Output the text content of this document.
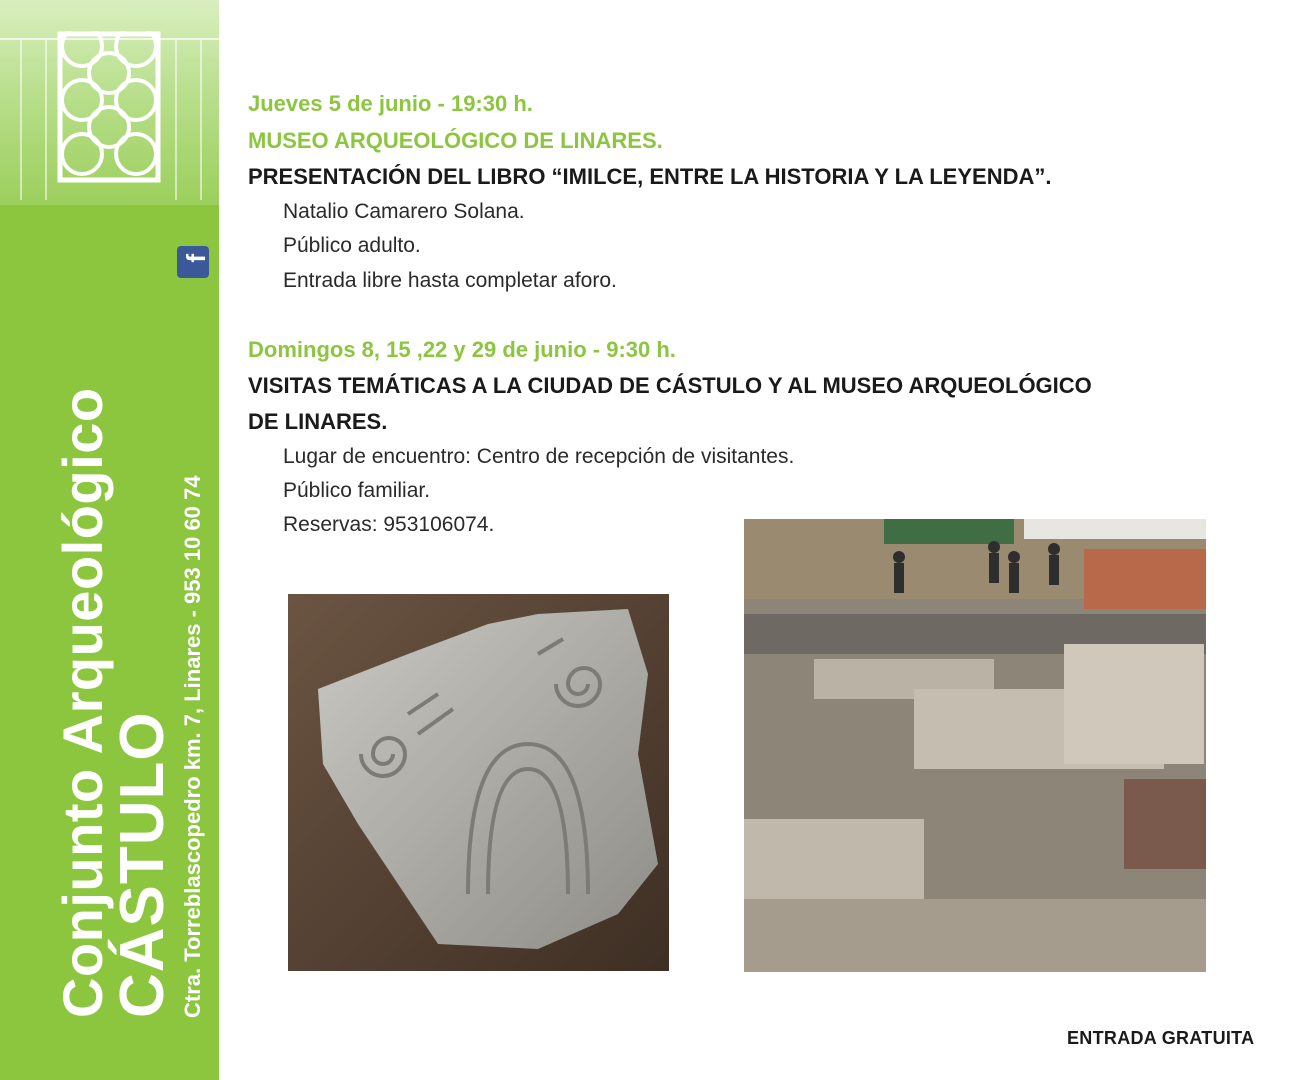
Conjunto Arqueológico
CÁSTULO Ctra. Torreblascopedro km. 7, Linares - 953 10 60 74
f
Jueves 5 de junio - 19:30 h.
MUSEO ARQUEOLÓGICO DE LINARES.
PRESENTACIÓN DEL LIBRO “IMILCE, ENTRE LA HISTORIA Y LA LEYENDA”.
Natalio Camarero Solana.
Público adulto.
Entrada libre hasta completar aforo.
Domingos 8, 15 ,22 y 29 de junio - 9:30 h.
VISITAS TEMÁTICAS A LA CIUDAD DE CÁSTULO Y AL MUSEO ARQUEOLÓGICO
DE LINARES.
Lugar de encuentro: Centro de recepción de visitantes.
Público familiar.
Reservas: 953106074.
ENTRADA GRATUITA
